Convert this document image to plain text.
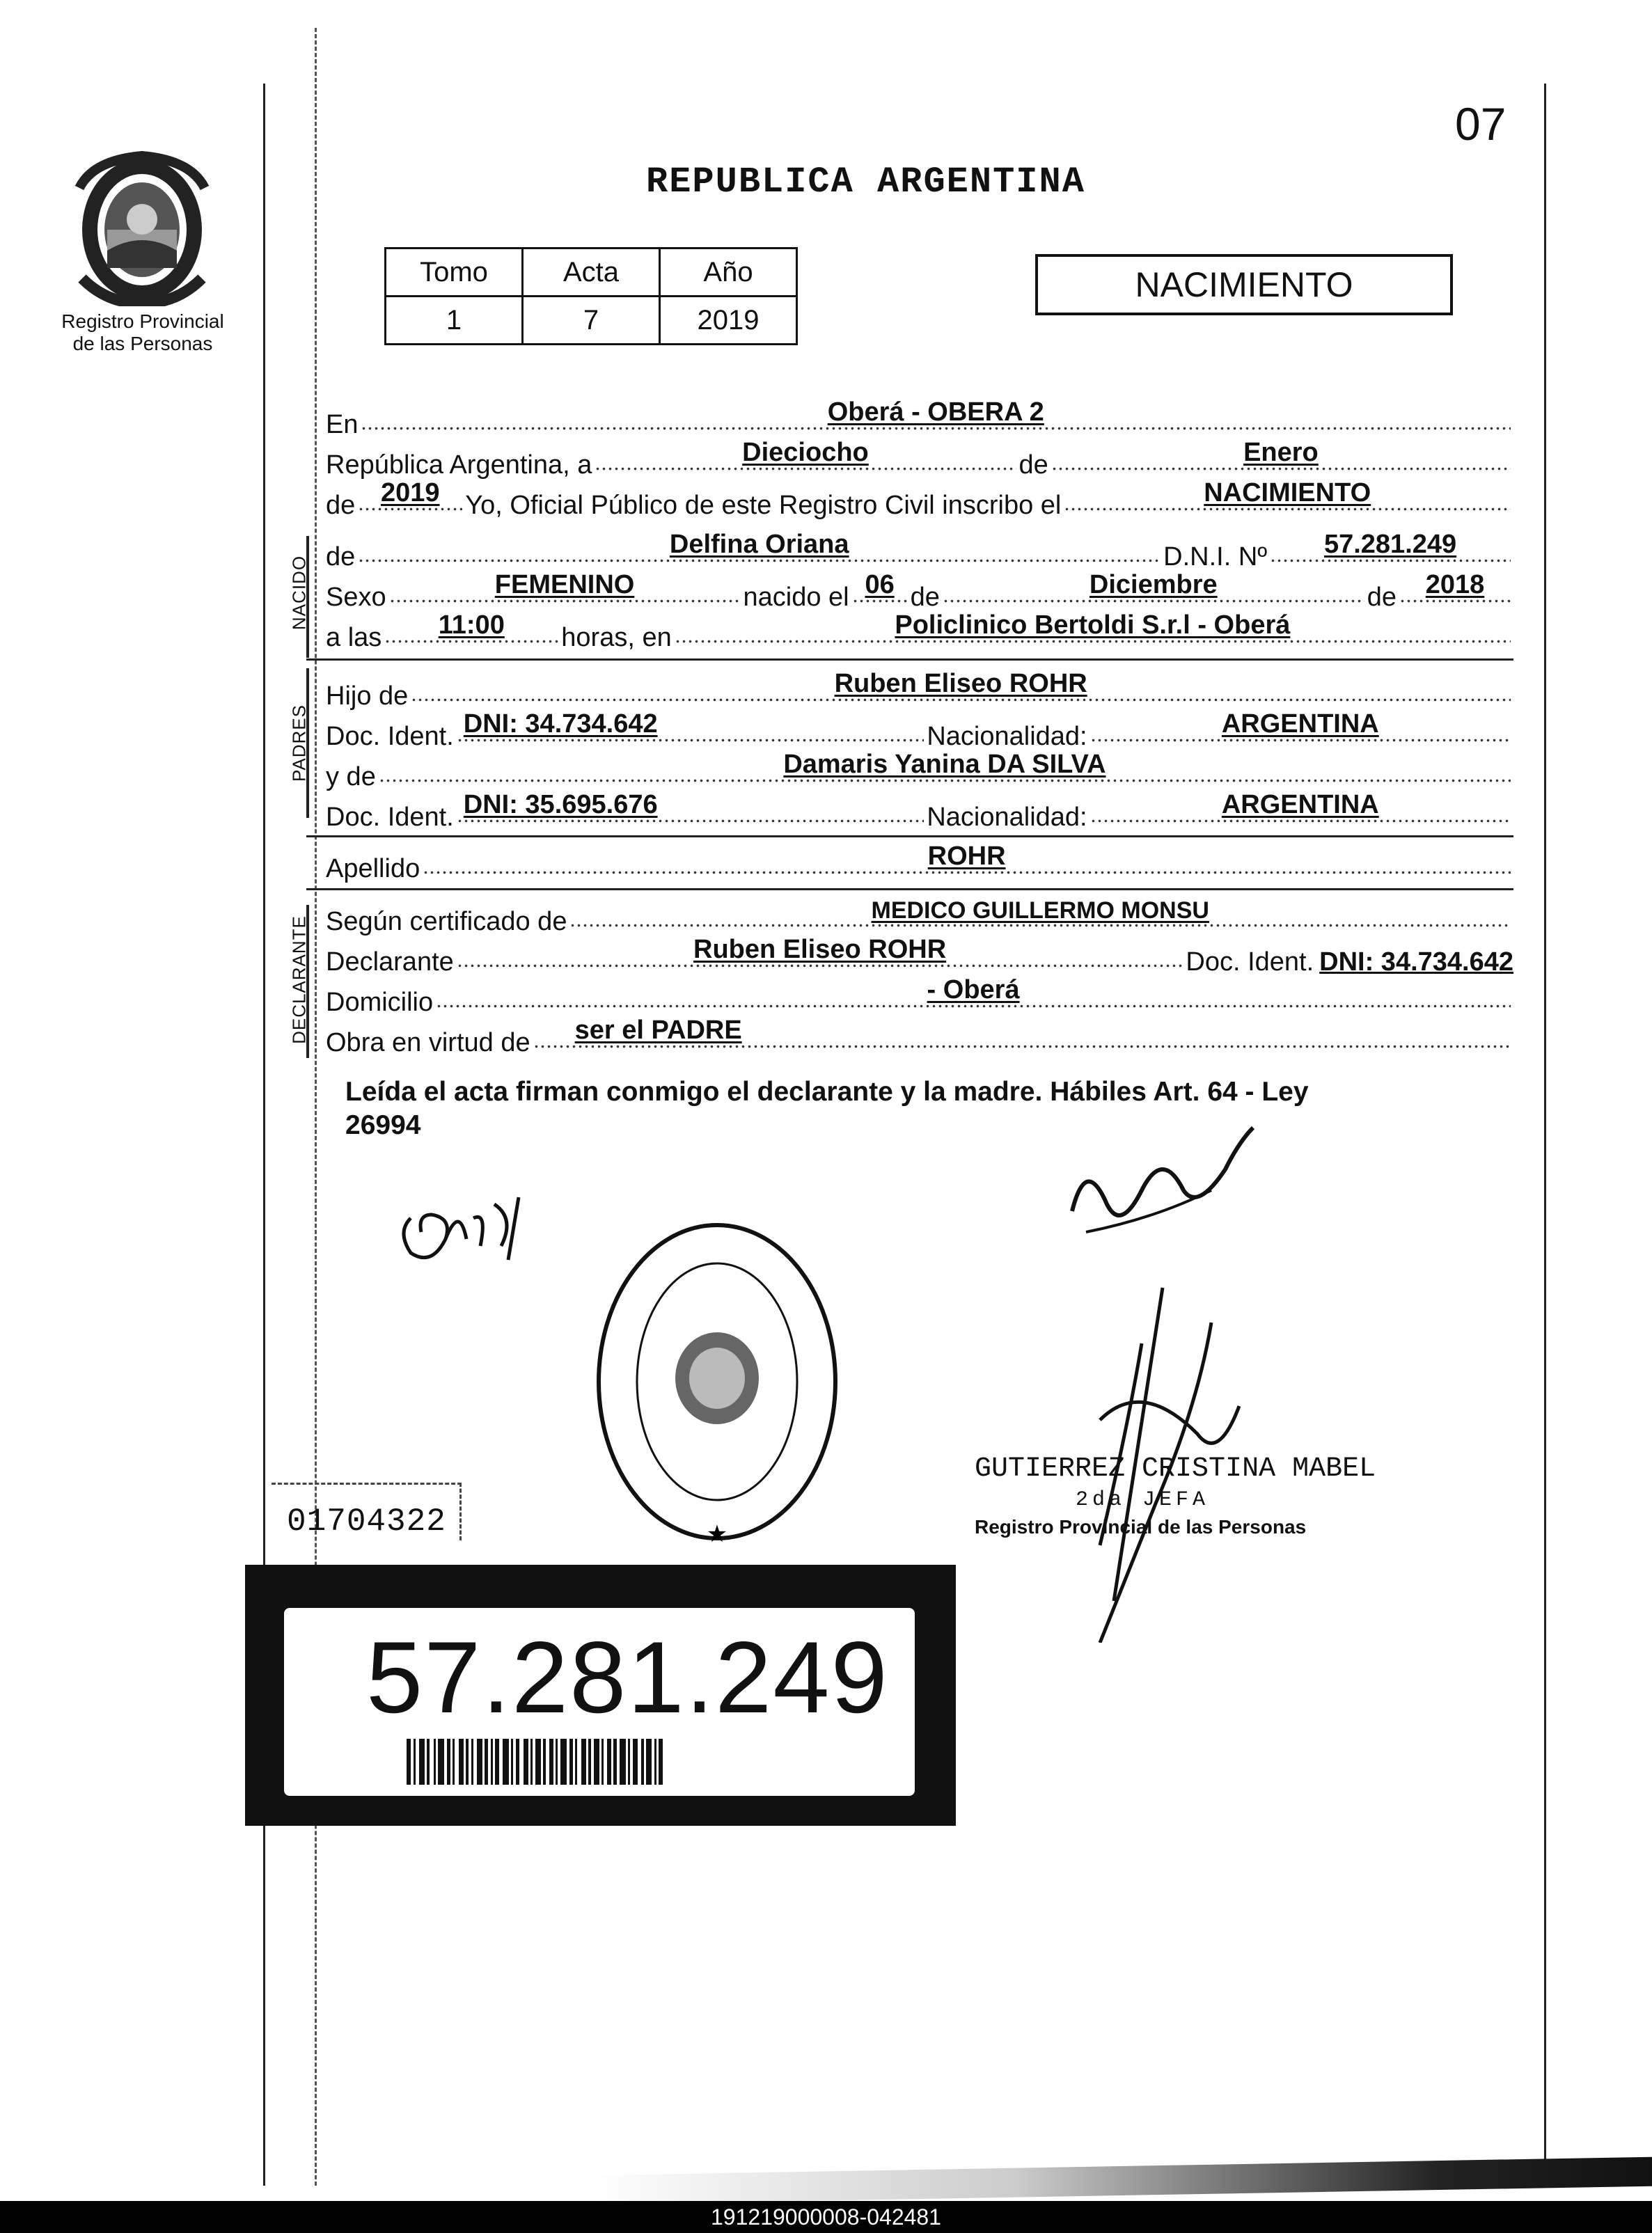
07
Registro Provincial
de las Personas
REPUBLICA ARGENTINA
Tomo	Acta	Año
1	7	2019
NACIMIENTO
En	Oberá - OBERA 2
República Argentina, a	Dieciocho	de	Enero
de 2019 Yo, Oficial Público de este Registro Civil inscribo el	NACIMIENTO
NACIDO de	Delfina Oriana	D.N.I. Nº	57.281.249
Sexo	FEMENINO	nacido el 06 de	Diciembre	de	2018
a las	11:00	horas, en	Policlinico Bertoldi S.r.l - Oberá
PADRES
Hijo de	Ruben Eliseo ROHR
Doc. Ident. DNI: 34.734.642	Nacionalidad:	ARGENTINA
y de	Damaris Yanina DA SILVA
Doc. Ident. DNI: 35.695.676	Nacionalidad:	ARGENTINA
Apellido	ROHR
DECLARANTE Según certificado de	MEDICO GUILLERMO MONSU
Declarante	Ruben Eliseo ROHR	Doc. Ident. DNI: 34.734.642
Domicilio	- Oberá
Obra en virtud de ser el PADRE
Leída el acta firman conmigo el declarante y la madre. Hábiles Art. 64 - Ley
26994
★
GUTIERREZ CRISTINA MABEL
2da JEFA
Registro Provincial de las Personas
01704322
57.281.249
191219000008-042481
